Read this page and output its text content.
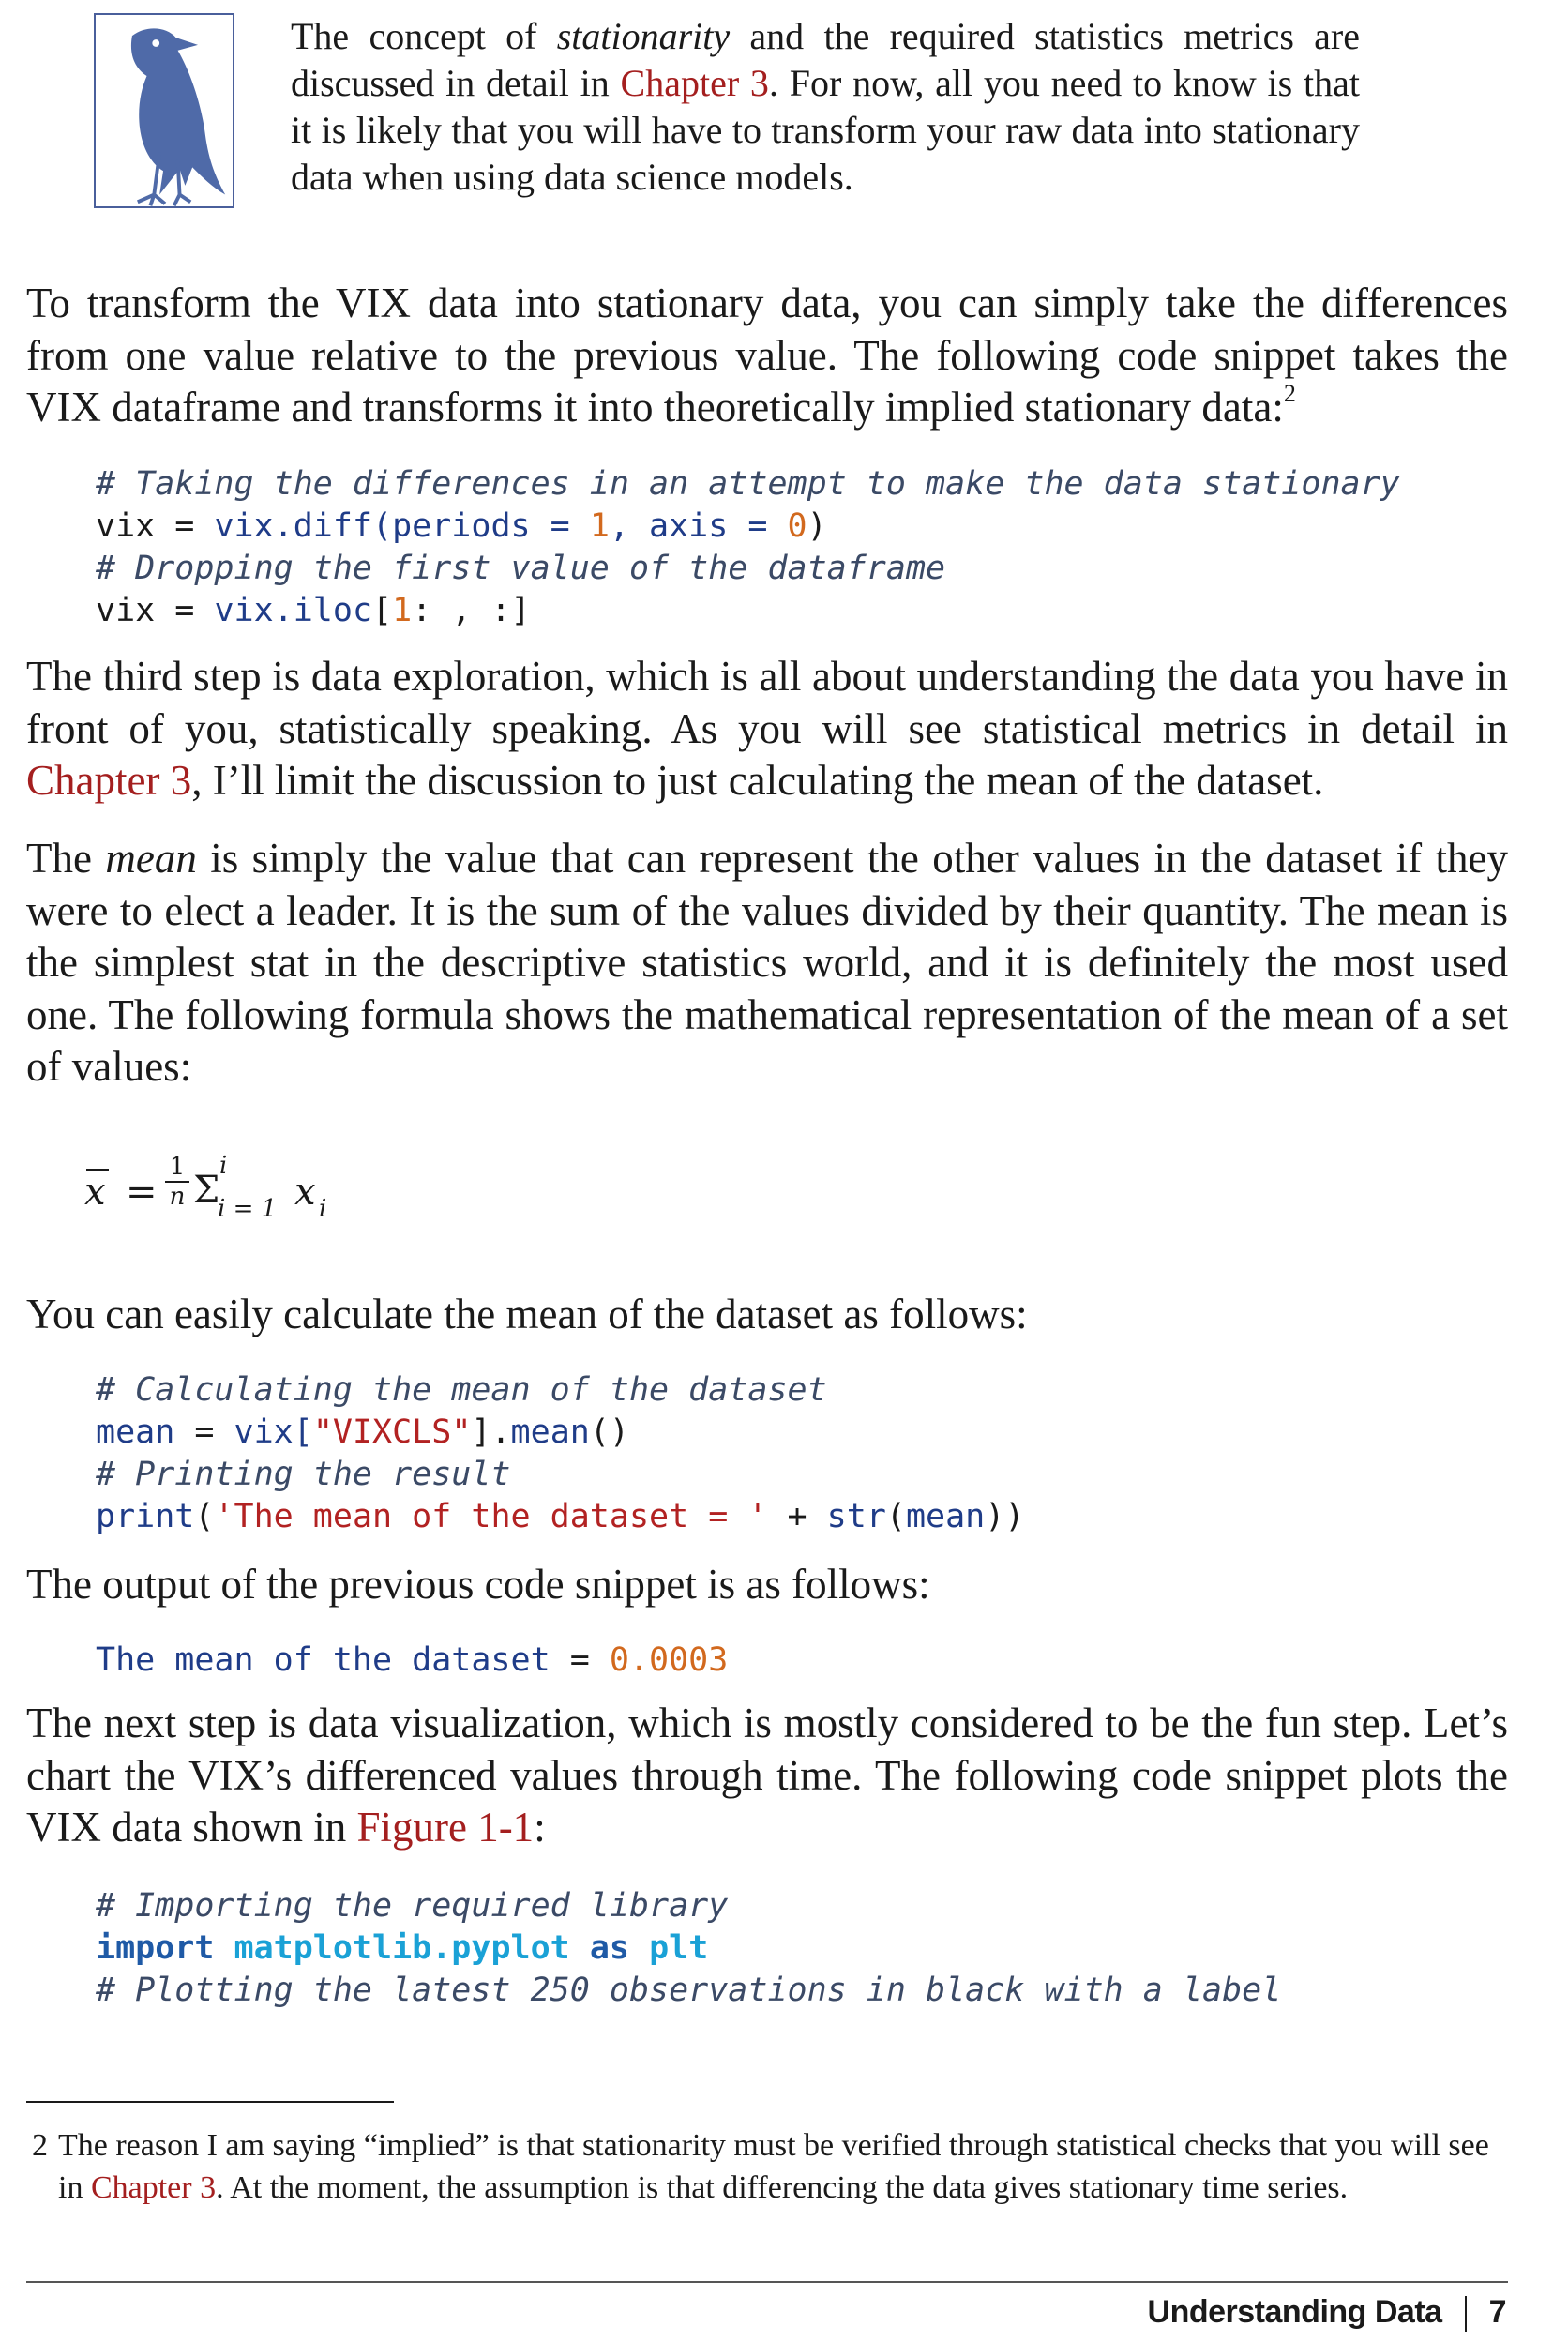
The concept of stationarity and the required statistics metrics are discussed in detail in Chapter 3. For now, all you need to know is that it is likely that you will have to transform your raw data into stationary data when using data science models.
To transform the VIX data into stationary data, you can simply take the differences from one value relative to the previous value. The following code snippet takes the VIX dataframe and transforms it into theoretically implied stationary data:$^2$
# Taking the differences in an attempt to make the data stationary
vix = vix.diff(periods = 1, axis = 0)
# Dropping the first value of the dataframe
vix = vix.iloc[1: , :]
The third step is data exploration, which is all about understanding the data you have in front of you, statistically speaking. As you will see statistical metrics in detail in Chapter 3, I’ll limit the discussion to just calculating the mean of the dataset.
The mean is simply the value that can represent the other values in the dataset if they were to elect a leader. It is the sum of the values divided by their quantity. The mean is the simplest stat in the descriptive statistics world, and it is definitely the most used one. The following formula shows the mathematical representation of the mean of a set of values:
x =
1
n Σ
i
i = 1 x i
You can easily calculate the mean of the dataset as follows:
# Calculating the mean of the dataset
mean = vix["VIXCLS"].mean()
# Printing the result
print('The mean of the dataset = ' + str(mean))
The output of the previous code snippet is as follows:
The mean of the dataset = 0.0003
The next step is data visualization, which is mostly considered to be the fun step. Let’s chart the VIX’s differenced values through time. The following code snippet plots the VIX data shown in Figure 1-1:
# Importing the required library
import matplotlib.pyplot as plt
# Plotting the latest 250 observations in black with a label
2 The reason I am saying “implied” is that stationarity must be verified through statistical checks that you will see in Chapter 3. At the moment, the assumption is that differencing the data gives stationary time series.
Understanding Data 7
